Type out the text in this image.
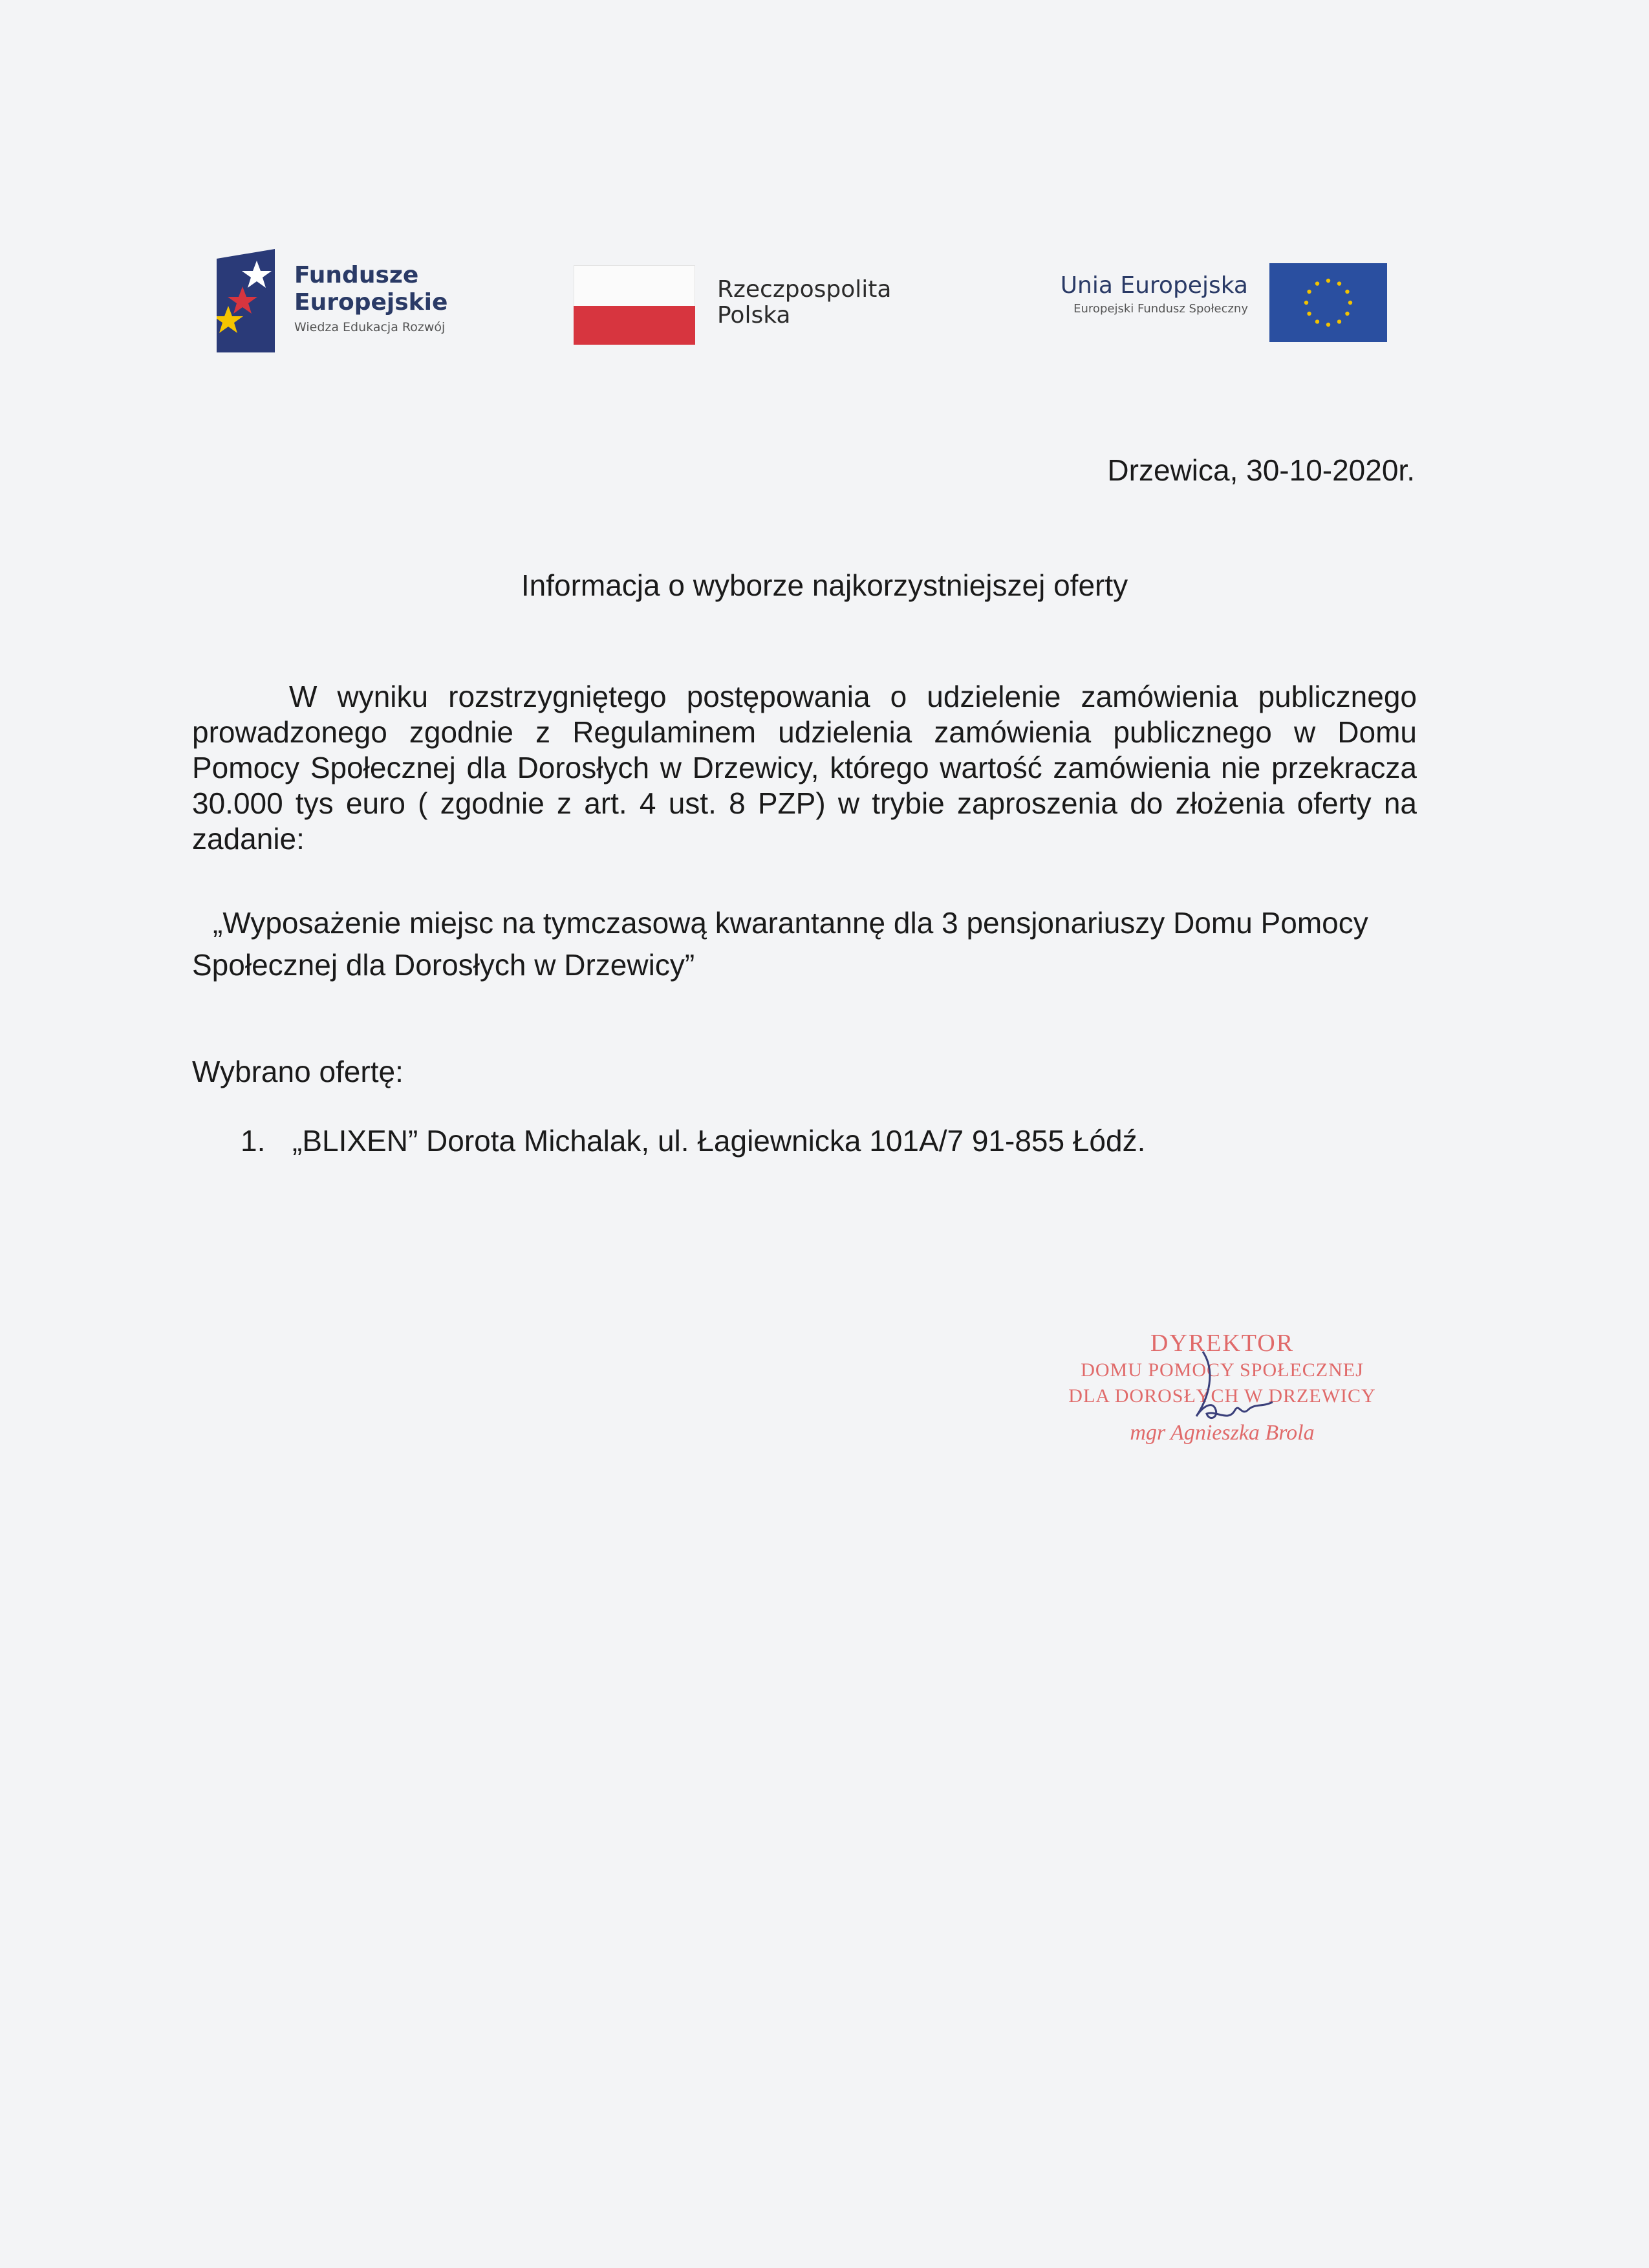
Fundusze
Europejskie
Wiedza Edukacja Rozwój
Rzeczpospolita
Polska
Unia Europejska
Europejski Fundusz Społeczny
Drzewica, 30-10-2020r.
Informacja o wyborze najkorzystniejszej oferty
W wyniku rozstrzygniętego postępowania o udzielenie zamówienia publicznego prowadzonego zgodnie z Regulaminem udzielenia zamówienia publicznego w Domu Pomocy Społecznej dla Dorosłych w Drzewicy, którego wartość zamówienia nie przekracza 30.000 tys euro ( zgodnie z art. 4 ust. 8 PZP) w trybie zaproszenia do złożenia oferty na zadanie:
„Wyposażenie miejsc na tymczasową kwarantannę dla 3 pensjonariuszy Domu Pomocy Społecznej dla Dorosłych w Drzewicy”
Wybrano ofertę:
1. „BLIXEN” Dorota Michalak, ul. Łagiewnicka 101A/7 91-855 Łódź.
DYREKTOR
DOMU POMOCY SPOŁECZNEJ
DLA DOROSŁYCH W DRZEWICY
mgr Agnieszka Brola
